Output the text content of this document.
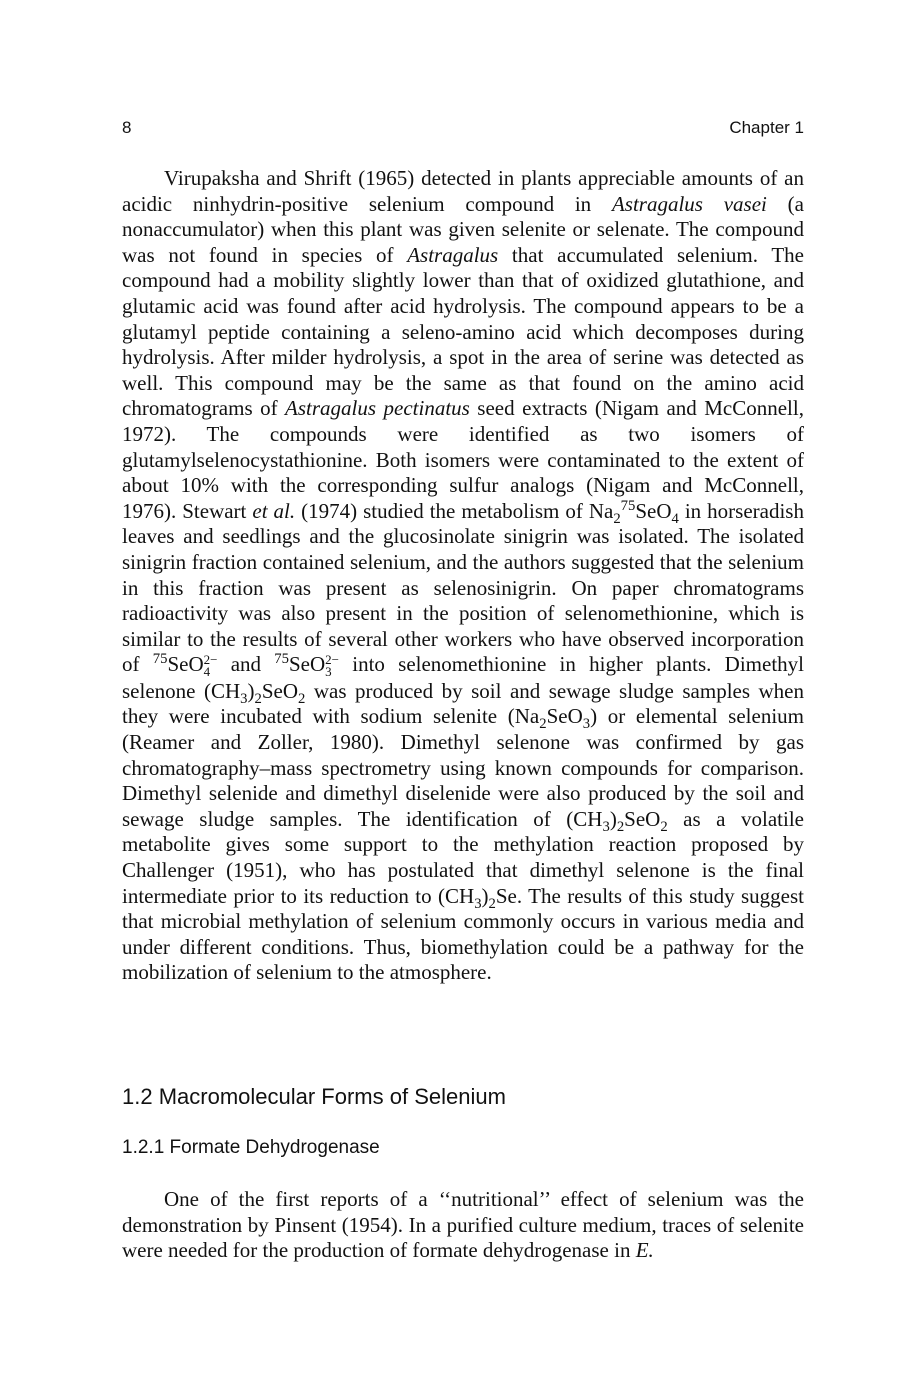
8	Chapter 1

Virupaksha and Shrift (1965) detected in plants appreciable amounts of an acidic ninhydrin-positive selenium compound in Astragalus vasei (a nonaccumulator) when this plant was given selenite or selenate. The compound was not found in species of Astragalus that accumulated selenium. The compound had a mobility slightly lower than that of oxidized glutathione, and glutamic acid was found after acid hydrolysis. The compound appears to be a glutamyl peptide containing a seleno-amino acid which decomposes during hydrolysis. After milder hydrolysis, a spot in the area of serine was detected as well. This compound may be the same as that found on the amino acid chromatograms of Astragalus pectinatus seed extracts (Nigam and McConnell, 1972). The compounds were identified as two isomers of glutamylselenocystathionine. Both isomers were contaminated to the extent of about 10% with the corresponding sulfur analogs (Nigam and McConnell, 1976). Stewart et al. (1974) studied the metabolism of $Na_2^{75}SeO_4$ in horseradish leaves and seedlings and the glucosinolate sinigrin was isolated. The isolated sinigrin fraction contained selenium, and the authors suggested that the selenium in this fraction was present as selenosinigrin. On paper chromatograms radioactivity was also present in the position of selenomethionine, which is similar to the results of several other workers who have observed incorporation of $^{75}$SeO 2−
4 and $^{75}$SeO 2−
3 into selenomethionine in higher plants. Dimethyl selenone $(CH_3)_2SeO_2$ was produced by soil and sewage sludge samples when they were incubated with sodium selenite $(Na_2SeO_3)$ or elemental selenium (Reamer and Zoller, 1980). Dimethyl selenone was confirmed by gas chromatography–mass spectrometry using known compounds for comparison. Dimethyl selenide and dimethyl diselenide were also produced by the soil and sewage sludge samples. The identification of $(CH_3)_2SeO_2$ as a volatile metabolite gives some support to the methylation reaction proposed by Challenger (1951), who has postulated that dimethyl selenone is the final intermediate prior to its reduction to $(CH_3)_2Se$. The results of this study suggest that microbial methylation of selenium commonly occurs in various media and under different conditions. Thus, biomethylation could be a pathway for the mobilization of selenium to the atmosphere.

1.2 Macromolecular Forms of Selenium
1.2.1 Formate Dehydrogenase

One of the first reports of a ‘‘nutritional’’ effect of selenium was the demonstration by Pinsent (1954). In a purified culture medium, traces of selenite were needed for the production of formate dehydrogenase in E.
